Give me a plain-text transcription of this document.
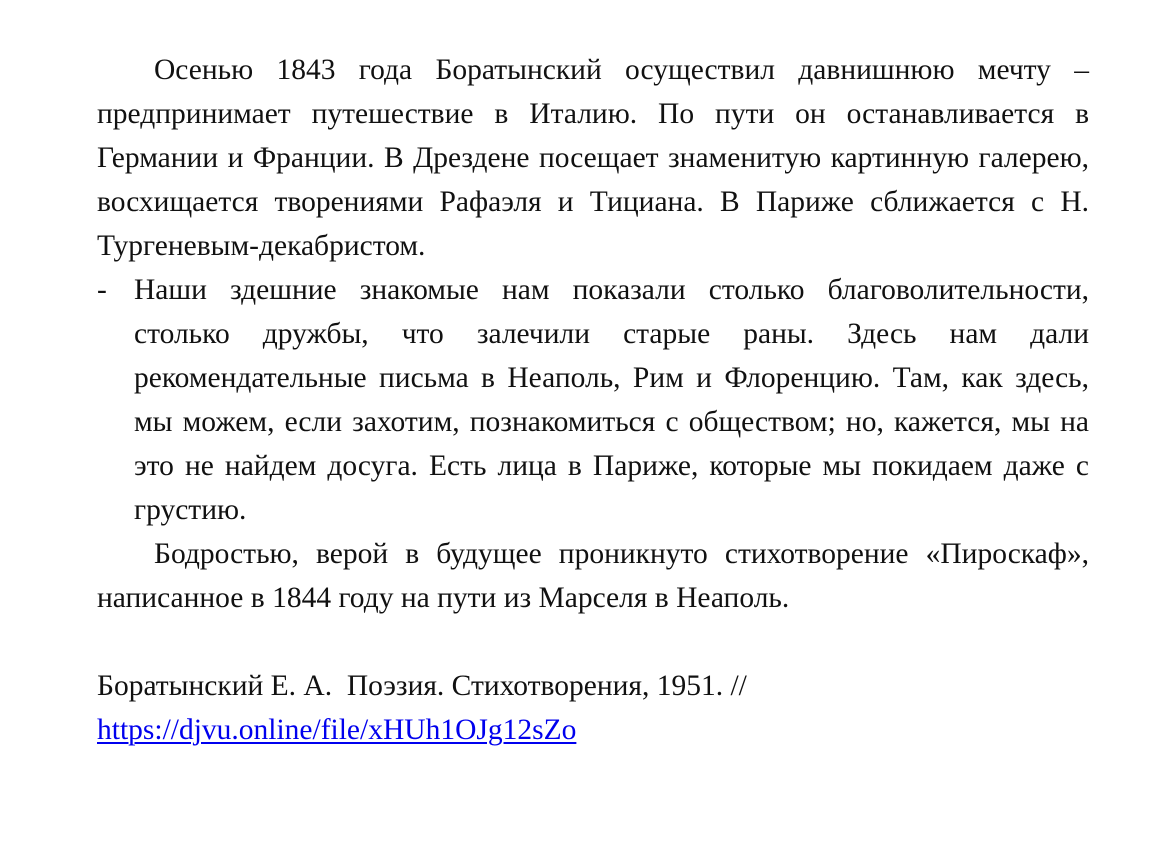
Осенью 1843 года Боратынский осуществил давнишнюю мечту – предпринимает путешествие в Италию. По пути он останавливается в Германии и Франции. В Дрездене посещает знаменитую картинную галерею, восхищается творениями Рафаэля и Тициана. В Париже сближается с Н. Тургеневым-декабристом.

- Наши здешние знакомые нам показали столько благоволительности, столько дружбы, что залечили старые раны. Здесь нам дали рекомендательные письма в Неаполь, Рим и Флоренцию. Там, как здесь, мы можем, если захотим, познакомиться с обществом; но, кажется, мы на это не найдем досуга. Есть лица в Париже, которые мы покидаем даже с грустию.

Бодростью, верой в будущее проникнуто стихотворение «Пироскаф», написанное в 1844 году на пути из Марселя в Неаполь.

Боратынский Е. А.  Поэзия. Стихотворения, 1951. //
https://djvu.online/file/xHUh1OJg12sZo
